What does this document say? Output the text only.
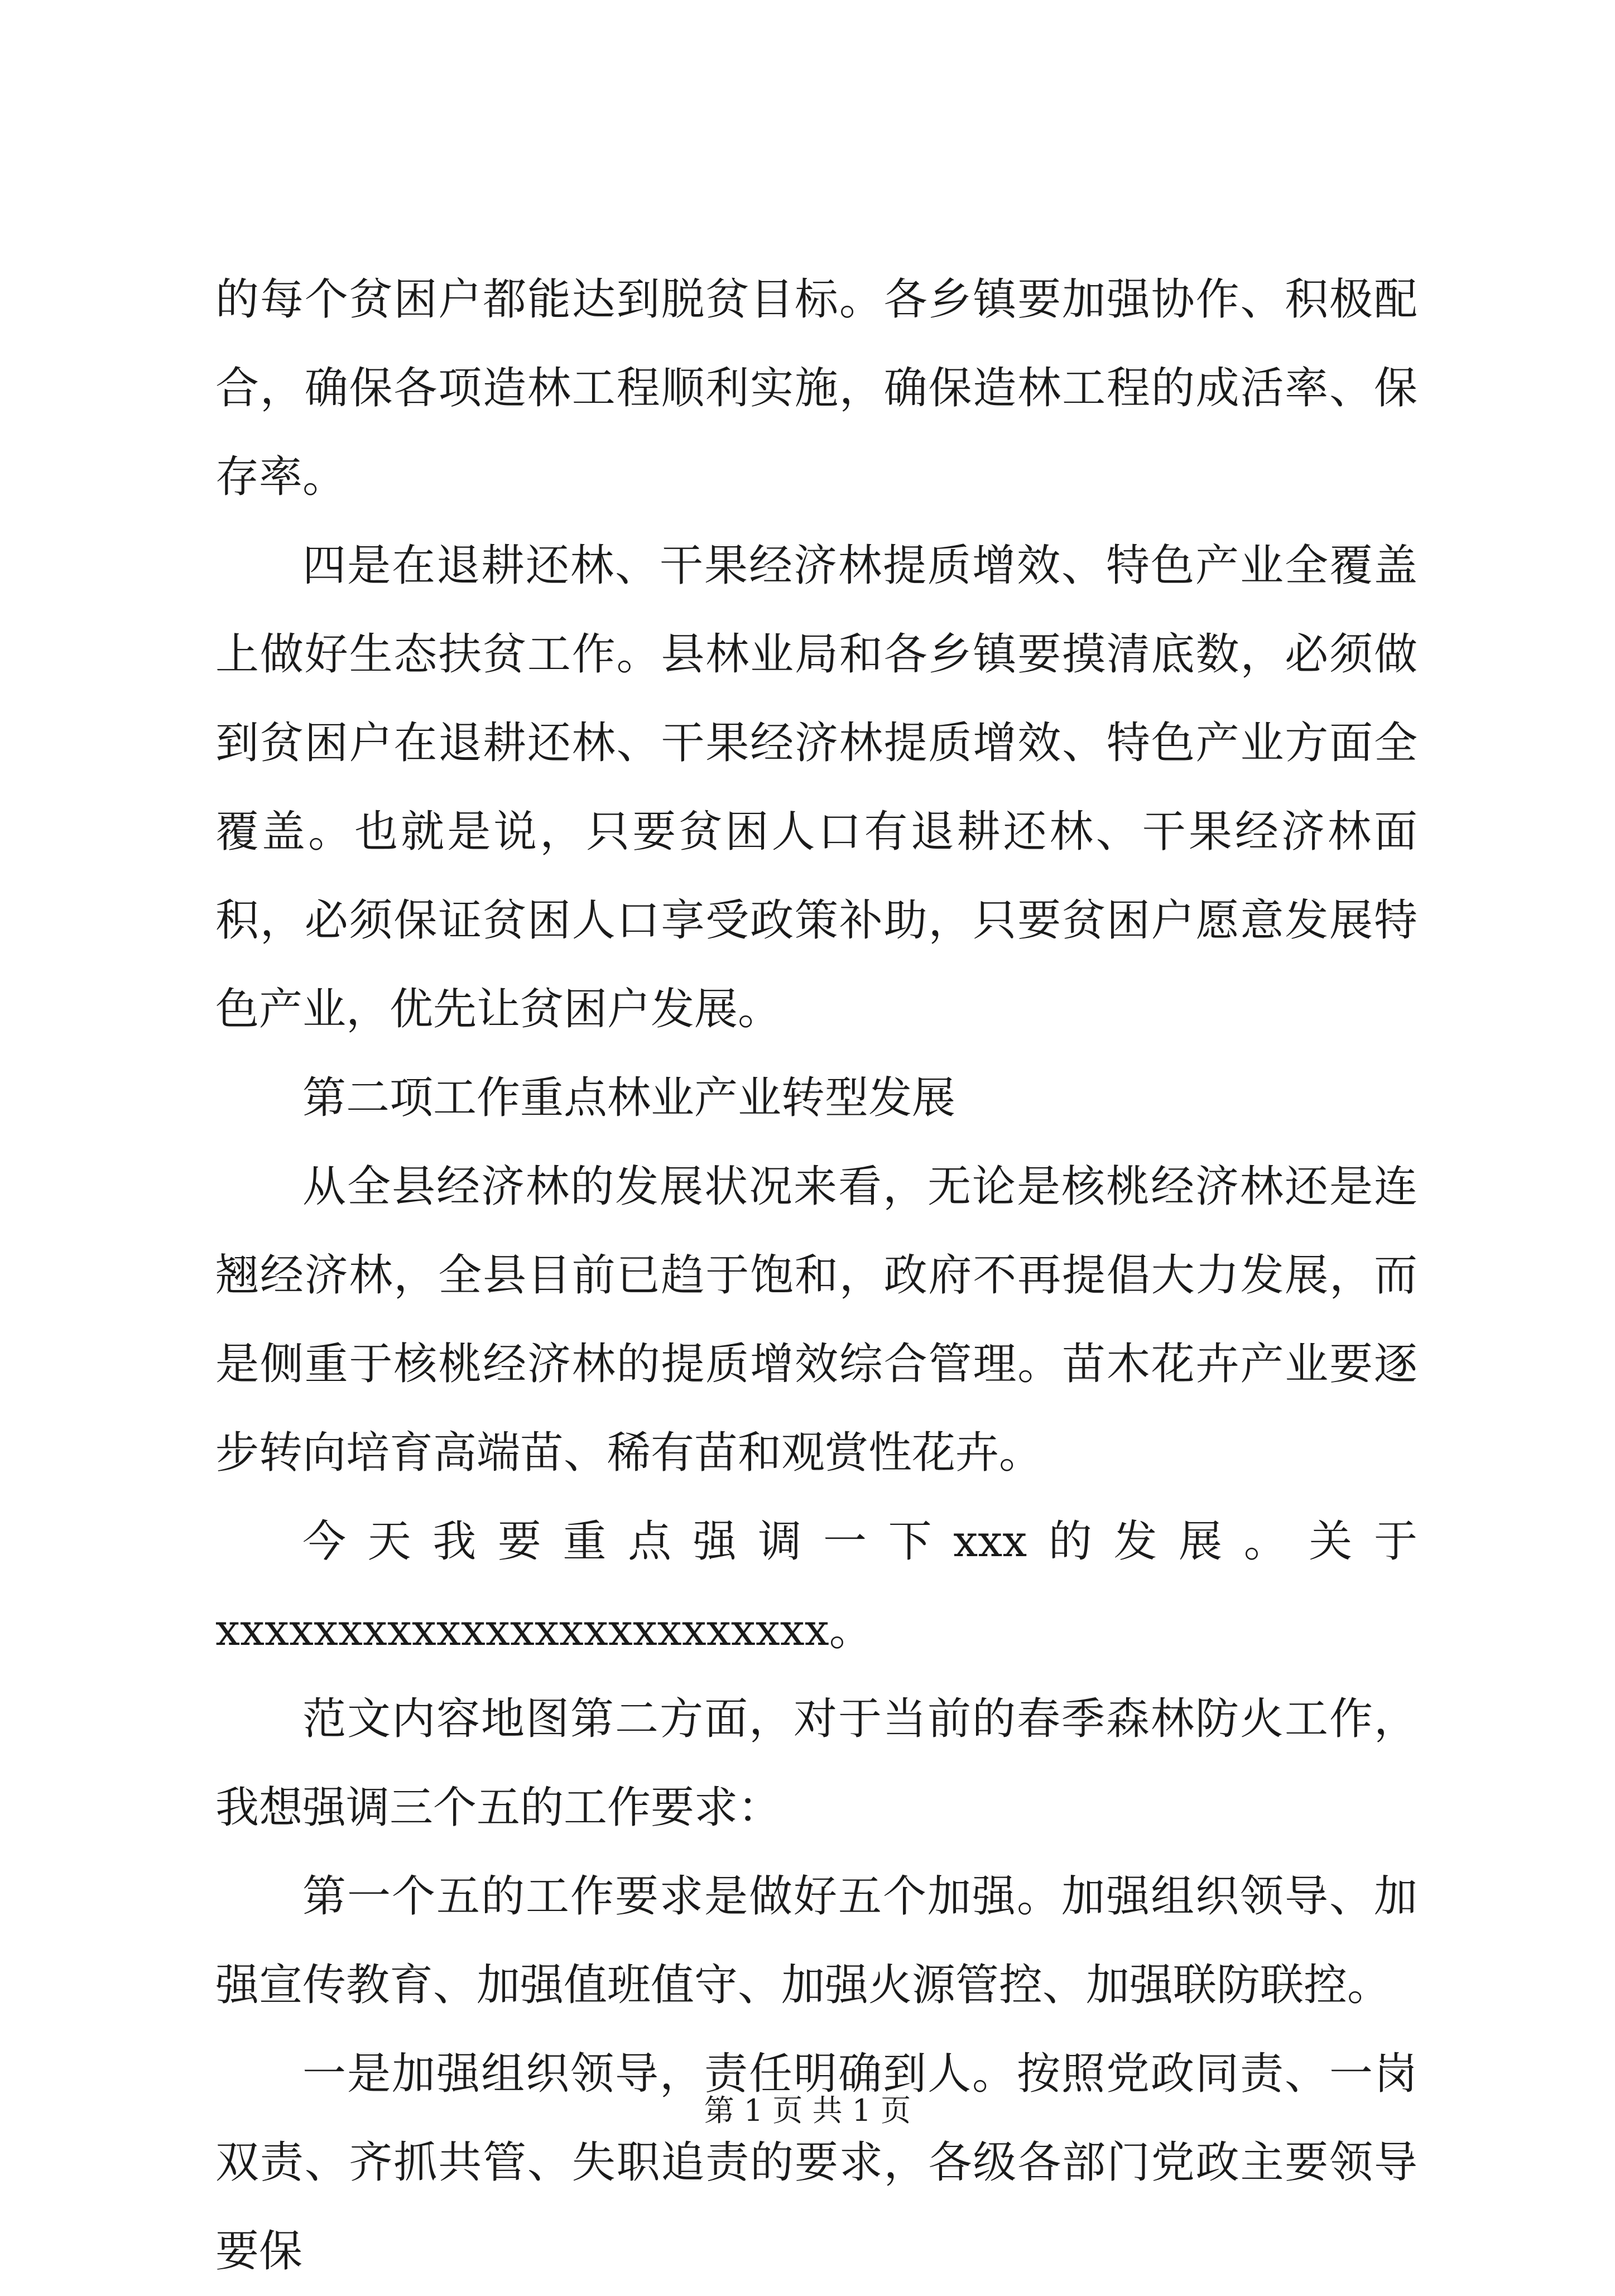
的每个贫困户都能达到脱贫目标。各乡镇要加强协作、积极配合，确保各项造林工程顺利实施，确保造林工程的成活率、保存率。

四是在退耕还林、干果经济林提质增效、特色产业全覆盖上做好生态扶贫工作。县林业局和各乡镇要摸清底数，必须做到贫困户在退耕还林、干果经济林提质增效、特色产业方面全覆盖。也就是说，只要贫困人口有退耕还林、干果经济林面积，必须保证贫困人口享受政策补助，只要贫困户愿意发展特色产业，优先让贫困户发展。

第二项工作重点林业产业转型发展

从全县经济林的发展状况来看，无论是核桃经济林还是连翘经济林，全县目前已趋于饱和，政府不再提倡大力发展，而是侧重于核桃经济林的提质增效综合管理。苗木花卉产业要逐步转向培育高端苗、稀有苗和观赏性花卉。

今天我要重点强调一下xxx的发展。关于

xxxxxxxxxxxxxxxxxxxxxxxxx。

范文内容地图第二方面，对于当前的春季森林防火工作，我想强调三个五的工作要求：

第一个五的工作要求是做好五个加强。加强组织领导、加强宣传教育、加强值班值守、加强火源管控、加强联防联控。

一是加强组织领导，责任明确到人。按照党政同责、一岗双责、齐抓共管、失职追责的要求，各级各部门党政主要领导要保

第 1 页 共 1 页
